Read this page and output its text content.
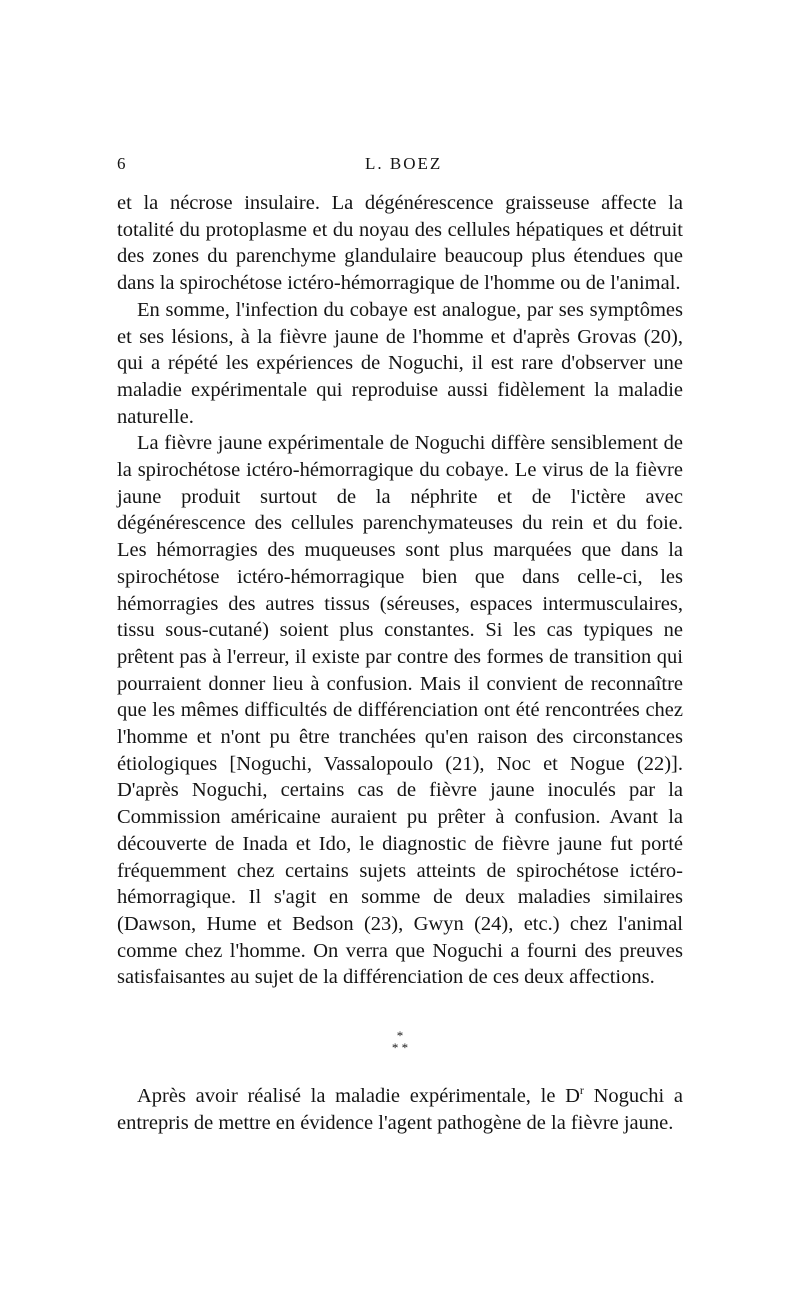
6	L. BOEZ

et la nécrose insulaire. La dégénérescence graisseuse affecte la totalité du protoplasme et du noyau des cellules hépatiques et détruit des zones du parenchyme glandulaire beaucoup plus étendues que dans la spirochétose ictéro-hémorragique de l'homme ou de l'animal.

En somme, l'infection du cobaye est analogue, par ses symptômes et ses lésions, à la fièvre jaune de l'homme et d'après Grovas (20), qui a répété les expériences de Noguchi, il est rare d'observer une maladie expérimentale qui reproduise aussi fidèlement la maladie naturelle.

La fièvre jaune expérimentale de Noguchi diffère sensiblement de la spirochétose ictéro-hémorragique du cobaye. Le virus de la fièvre jaune produit surtout de la néphrite et de l'ictère avec dégénérescence des cellules parenchymateuses du rein et du foie. Les hémorragies des muqueuses sont plus marquées que dans la spirochétose ictéro-hémorragique bien que dans celle-ci, les hémorragies des autres tissus (séreuses, espaces intermusculaires, tissu sous-cutané) soient plus constantes. Si les cas typiques ne prêtent pas à l'erreur, il existe par contre des formes de transition qui pourraient donner lieu à confusion. Mais il convient de reconnaître que les mêmes difficultés de différenciation ont été rencontrées chez l'homme et n'ont pu être tranchées qu'en raison des circonstances étiologiques [Noguchi, Vassalopoulo (21), Noc et Nogue (22)]. D'après Noguchi, certains cas de fièvre jaune inoculés par la Commission américaine auraient pu prêter à confusion. Avant la découverte de Inada et Ido, le diagnostic de fièvre jaune fut porté fréquemment chez certains sujets atteints de spirochétose ictéro-hémorragique. Il s'agit en somme de deux maladies similaires (Dawson, Hume et Bedson (23), Gwyn (24), etc.) chez l'animal comme chez l'homme. On verra que Noguchi a fourni des preuves satisfaisantes au sujet de la différenciation de ces deux affections.

*
* *

Après avoir réalisé la maladie expérimentale, le $D^r$ Noguchi a entrepris de mettre en évidence l'agent pathogène de la fièvre jaune.
